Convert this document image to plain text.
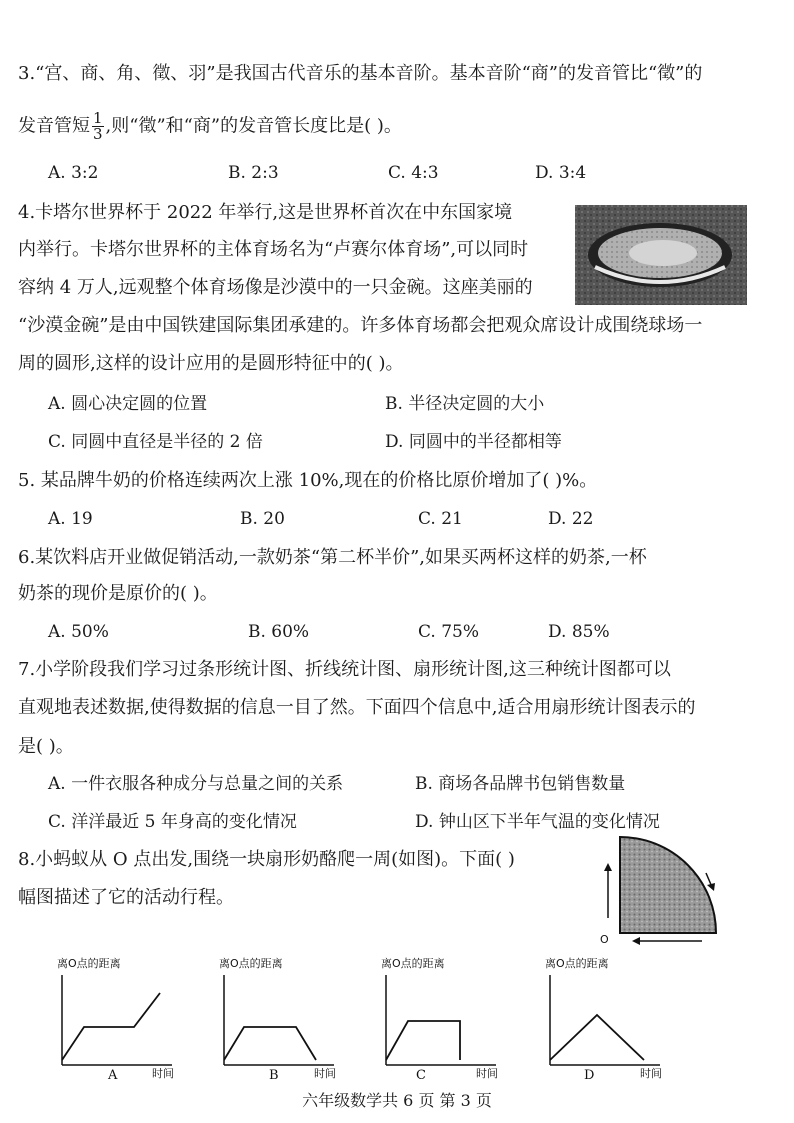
3.“宫、商、角、徵、羽”是我国古代音乐的基本音阶。基本音阶“商”的发音管比“徵”的
发音管短 $\frac{1}{3}$ ,则“徵”和“商”的发音管长度比是( )。
A. 3:2	B. 2:3	C. 4:3	D. 3:4
4.卡塔尔世界杯于 2022 年举行,这是世界杯首次在中东国家境
内举行。卡塔尔世界杯的主体育场名为“卢赛尔体育场”,可以同时
容纳 4 万人,远观整个体育场像是沙漠中的一只金碗。这座美丽的
“沙漠金碗”是由中国铁建国际集团承建的。许多体育场都会把观众席设计成围绕球场一
周的圆形,这样的设计应用的是圆形特征中的( )。
A. 圆心决定圆的位置	B. 半径决定圆的大小
C. 同圆中直径是半径的 2 倍	D. 同圆中的半径都相等
5. 某品牌牛奶的价格连续两次上涨 10%,现在的价格比原价增加了( )%。
A. 19	B. 20	C. 21	D. 22
6.某饮料店开业做促销活动,一款奶茶“第二杯半价”,如果买两杯这样的奶茶,一杯
奶茶的现价是原价的( )。
A. 50%	B. 60%	C. 75%	D. 85%
7.小学阶段我们学习过条形统计图、折线统计图、扇形统计图,这三种统计图都可以
直观地表述数据,使得数据的信息一目了然。下面四个信息中,适合用扇形统计图表示的
是( )。
A. 一件衣服各种成分与总量之间的关系	B. 商场各品牌书包销售数量
C. 洋洋最近 5 年身高的变化情况	D. 钟山区下半年气温的变化情况
8.小蚂蚁从 O 点出发,围绕一块扇形奶酪爬一周(如图)。下面( )
幅图描述了它的活动行程。
O
离O点的距离
时间
A
离O点的距离
时间
B
离O点的距离
时间
C
离O点的距离
时间
D
六年级数学共 6 页 第 3 页
